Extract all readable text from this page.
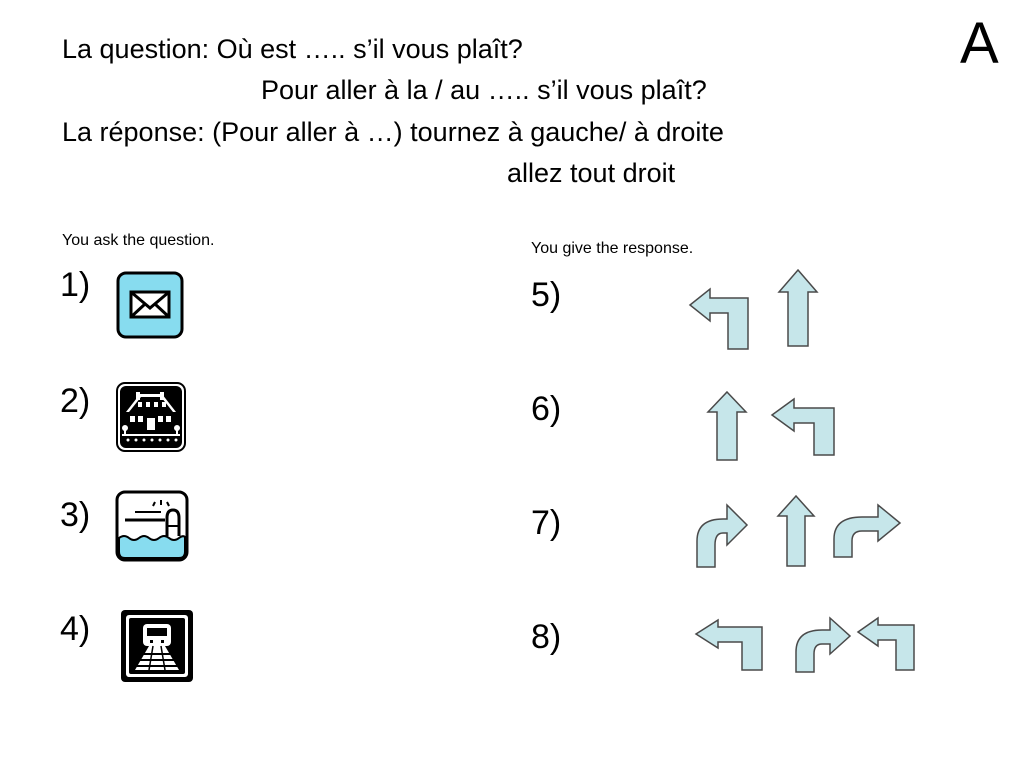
A
La question: Où est ….. s’il vous plaît?
Pour aller à la / au ….. s’il vous plaît?
La réponse: (Pour aller à …) tournez à gauche/ à droite
allez tout droit
You ask the question.	You give the response.
1)
2)
3)
4)
5)
6)
7)
8)
